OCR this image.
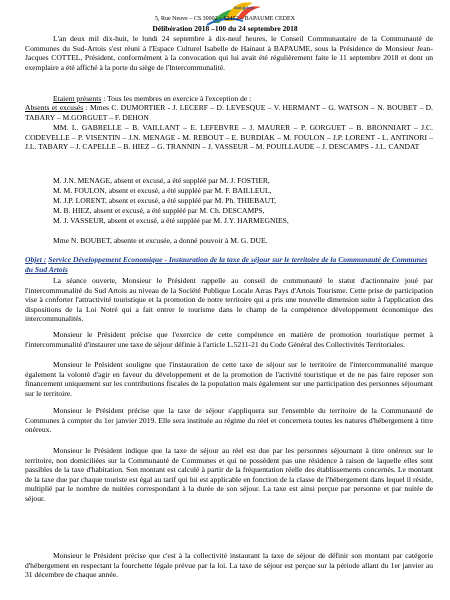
Sud Artois
5, Rue Neuve – CS 30002 – 62452 – BAPAUME CEDEX
Délibération 2018 –100 du 24 septembre 2018

L'an deux mil dix-huit, le lundi 24 septembre à dix-neuf heures, le Conseil Communautaire de la Communauté de Communes du Sud-Artois s'est réuni à l'Espace Culturel Isabelle de Hainaut à BAPAUME, sous la Présidence de Monsieur Jean-Jacques COTTEL, Président, conformément à la convocation qui lui avait été régulièrement faite le 11 septembre 2018 et dont un exemplaire a été affiché à la porte du siège de l'Intercommunalité.

Etaient présents : Tous les membres en exercice à l'exception de :

Absents et excusés : Mmes C. DUMORTIER - J. LECERF – D. LEVESQUE – V. HERMANT – G. WATSON – N. BOUBET – D. TABARY – M.GORGUET – F. DEHON

MM. L. GABRELLE – B. VAILLANT – E. LEFEBVRE – J. MAURER – P. GORGUET – B. BRONNIART – J.C. CODEVELLE – P. VISENTIN – J.N. MENAGE - M. REBOUT – E. BURDIAK – M. FOULON – J.P. LORENT - L. ANTINORI – J.L. TABARY – J. CAPELLE – B. HIEZ – G. TRANNIN – J. VASSEUR – M. POUILLAUDE – J. DESCAMPS - J.L. CANDAT

M. J.N. MENAGE, absent et excusé, a été suppléé par M. J. FOSTIER,

M. M. FOULON, absent et excusé, a été suppléé par M. F. BAILLEUL,

M. J.P. LORENT, absent et excusé, a été suppléé par M. Ph. THIEBAUT,

M. B. HIEZ, absent et excusé, a été suppléé par M. Ch. DESCAMPS,

M. J. VASSEUR, absent et excusé, a été suppléé par M. J.Y. HARMEGNIES,

Mme N. BOUBET, absente et excusée, a donné pouvoir à M. G. DUE.

Objet : Service Développement Economique - Instauration de la taxe de séjour sur le territoire de la Communauté de Communes du Sud Artois

La séance ouverte, Monsieur le Président rappelle au conseil de communauté le statut d'actionnaire joué par l'intercommunalité du Sud Artois au niveau de la Société Publique Locale Arras Pays d'Artois Tourisme. Cette prise de participation vise à conforter l'attractivité touristique et la promotion de notre territoire qui a pris une nouvelle dimension suite à l'application des dispositions de la Loi Notré qui a fait entrer le tourisme dans le champ de la compétence développement économique des intercommunalités.

Monsieur le Président précise que l'exercice de cette compétence en matière de promotion touristique permet à l'intercommunalité d'instaurer une taxe de séjour définie à l'article L.5211-21 du Code Général des Collectivités Territoriales.

Monsieur le Président souligne que l'instauration de cette taxe de séjour sur le territoire de l'intercommunalité marque également la volonté d'agir en faveur du développement et de la promotion de l'activité touristique et de ne pas faire reposer son financement uniquement sur les contributions fiscales de la population mais également sur une participation des personnes séjournant sur le territoire.

Monsieur le Président précise que la taxe de séjour s'appliquera sur l'ensemble du territoire de la Communauté de Communes à compter du 1er janvier 2019. Elle sera instituée au régime du réel et concernera toutes les natures d'hébergement à titre onéreux.

Monsieur le Président indique que la taxe de séjour au réel est due par les personnes séjournant à titre onéreux sur le territoire, non domiciliées sur la Communauté de Communes et qui ne possèdent pas une résidence à raison de laquelle elles sont passibles de la taxe d'habitation. Son montant est calculé à partir de la fréquentation réelle des établissements concernés. Le montant de la taxe due par chaque touriste est égal au tarif qui lui est applicable en fonction de la classe de l'hébergement dans lequel il réside, multiplié par le nombre de nuitées correspondant à la durée de son séjour. La taxe est ainsi perçue par personne et par nuitée de séjour.

Monsieur le Président précise que c'est à la collectivité instaurant la taxe de séjour de définir son montant par catégorie d'hébergement en respectant la fourchette légale prévue par la loi. La taxe de séjour est perçue sur la période allant du 1er janvier au 31 décembre de chaque année.
